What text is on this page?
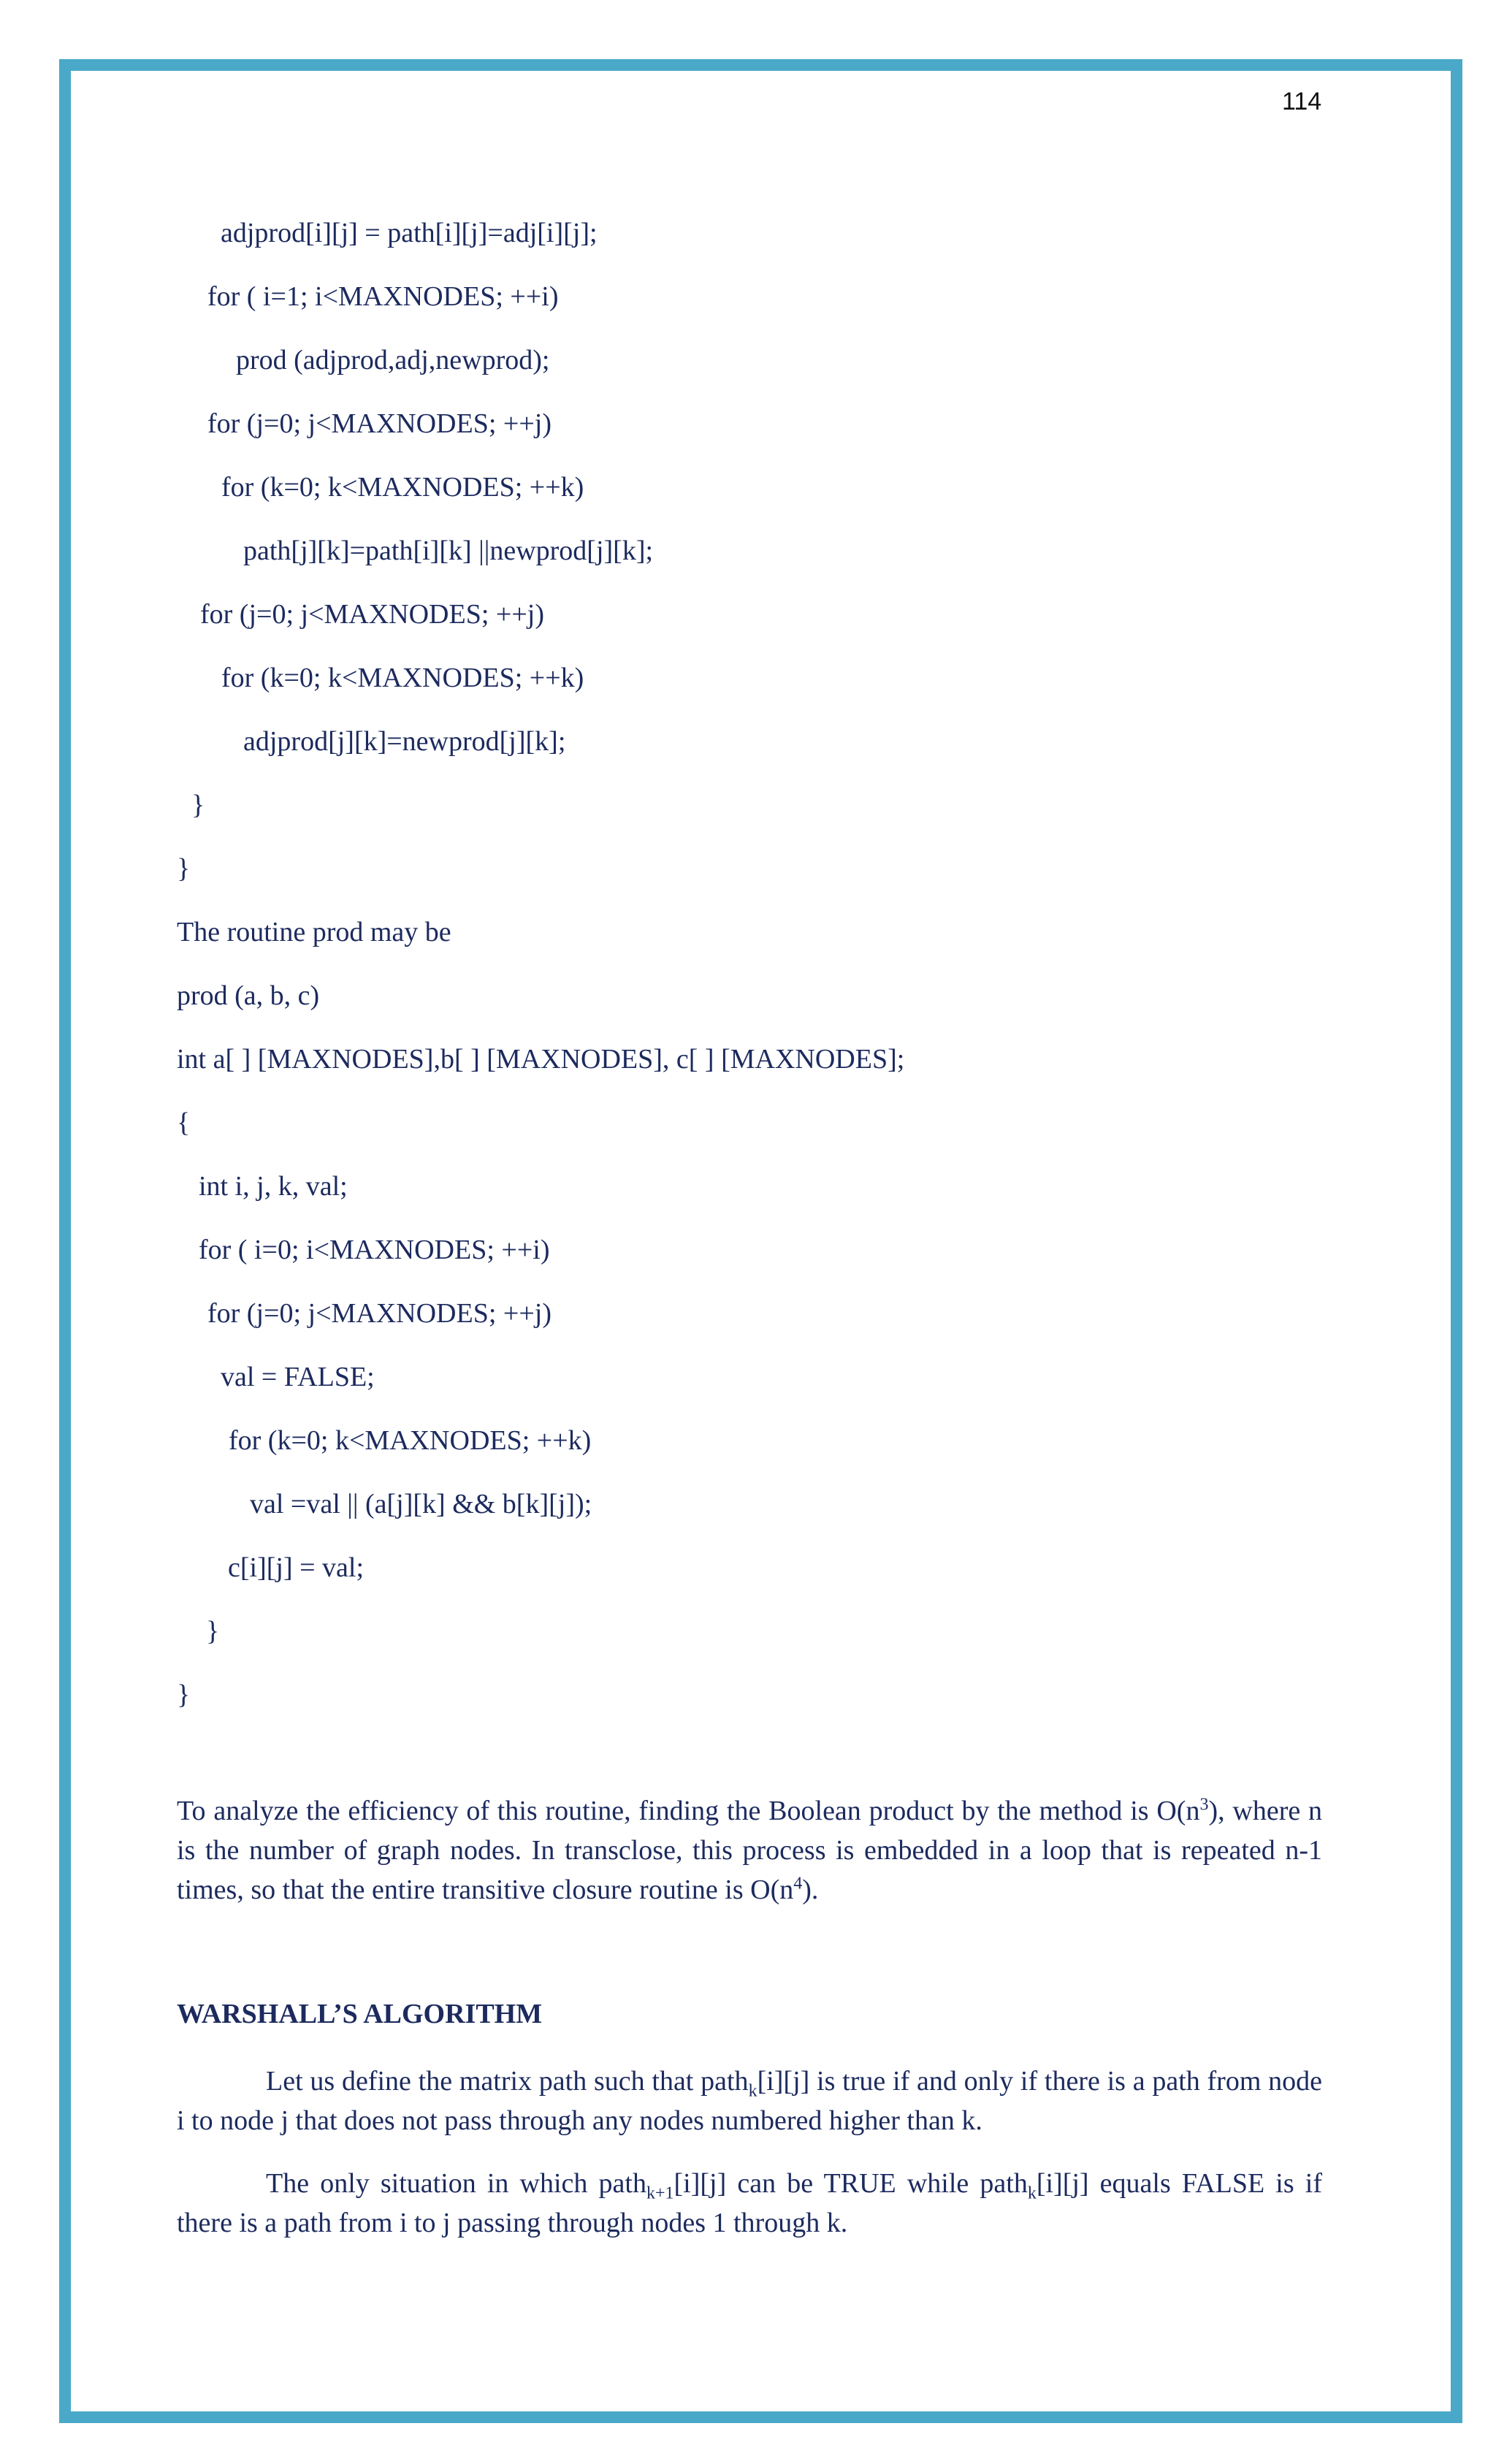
114
adjprod[i][j] = path[i][j]=adj[i][j];
for ( i=1; i<MAXNODES; ++i)
prod (adjprod,adj,newprod);
for (j=0; j<MAXNODES; ++j)
for (k=0; k<MAXNODES; ++k)
path[j][k]=path[i][k] ||newprod[j][k];
for (j=0; j<MAXNODES; ++j)
for (k=0; k<MAXNODES; ++k)
adjprod[j][k]=newprod[j][k];
}
}
The routine prod may be
prod (a, b, c)
int a[ ] [MAXNODES],b[ ] [MAXNODES], c[ ] [MAXNODES];
{
int i, j, k, val;
for ( i=0; i<MAXNODES; ++i)
for (j=0; j<MAXNODES; ++j)
val = FALSE;
for (k=0; k<MAXNODES; ++k)
val =val || (a[j][k] && b[k][j]);
c[i][j] = val;
}
}
To analyze the efficiency of this routine, finding the Boolean product by the method is $O(n^3)$, where n is the number of graph nodes. In transclose, this process is embedded in a loop that is repeated n-1 times, so that the entire transitive closure routine is $O(n^4)$.
WARSHALL’S ALGORITHM
Let us define the matrix path such that path$_k$[i][j] is true if and only if there is a path from node i to node j that does not pass through any nodes numbered higher than k.
The only situation in which path$_{k+1}$[i][j] can be TRUE while path$_k$[i][j] equals FALSE is if there is a path from i to j passing through nodes 1 through k.
